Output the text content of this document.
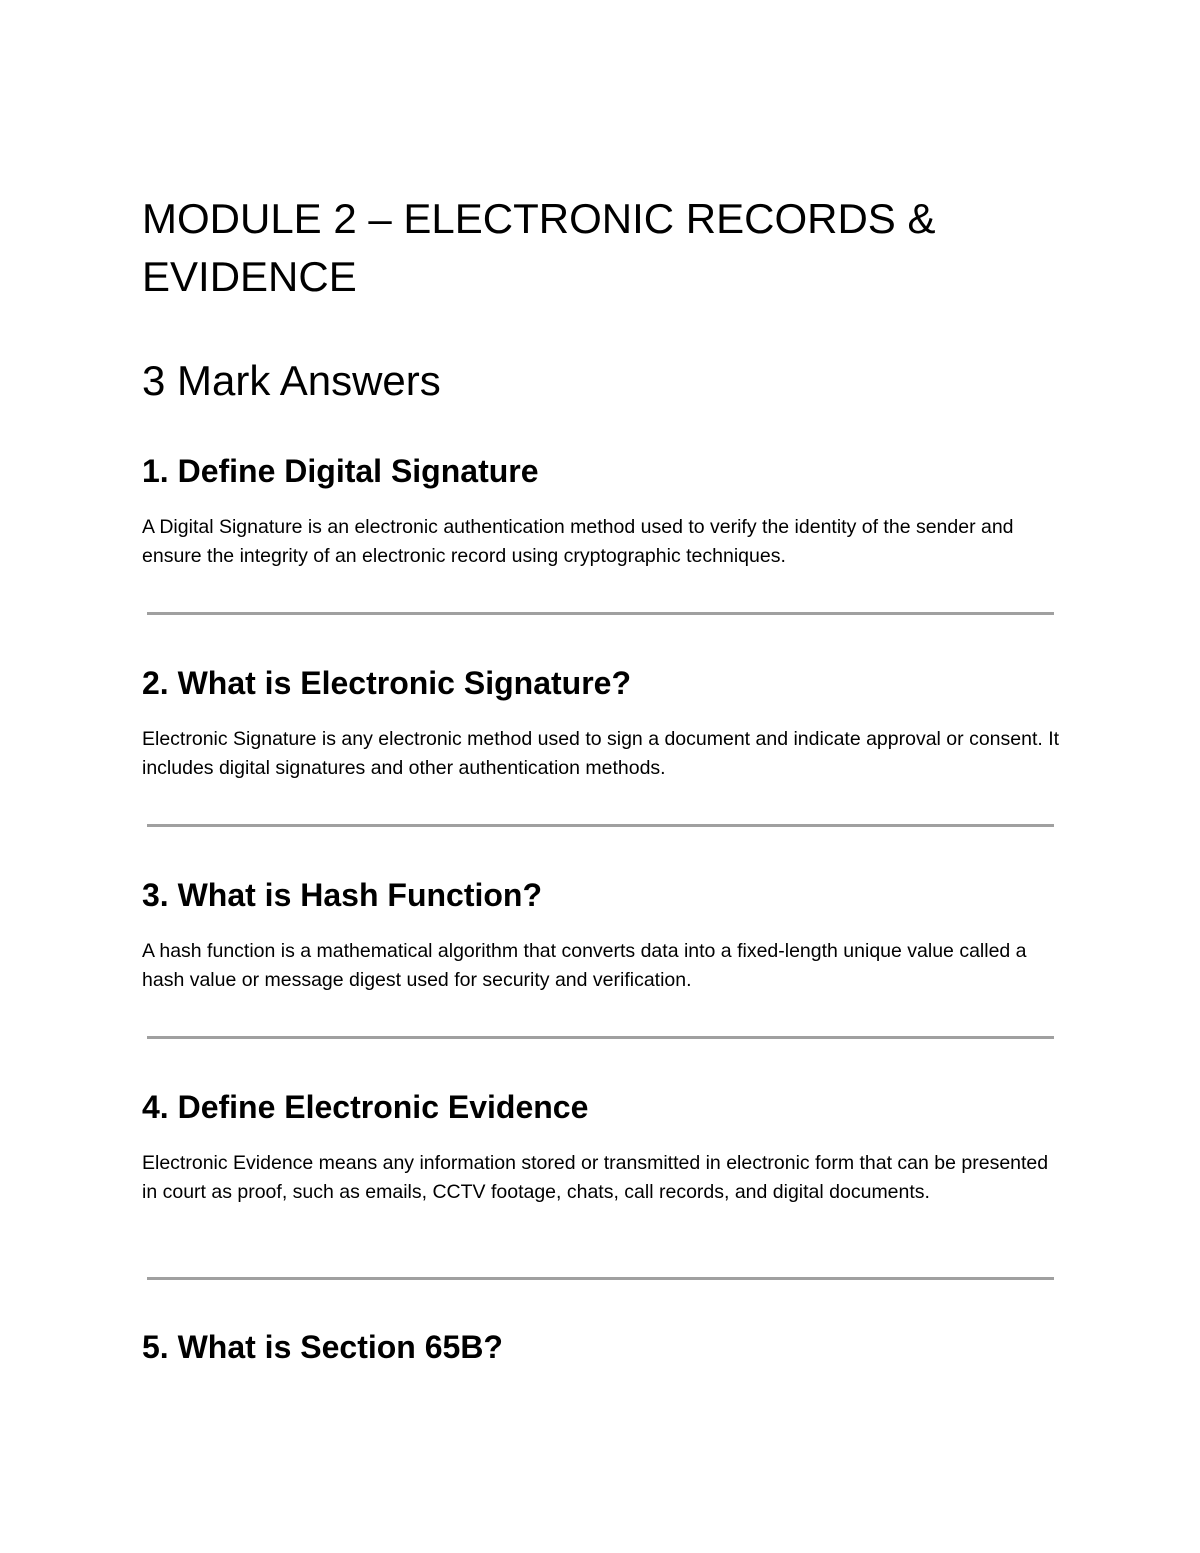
MODULE 2 – ELECTRONIC RECORDS & EVIDENCE
3 Mark Answers
1. Define Digital Signature

A Digital Signature is an electronic authentication method used to verify the identity of the sender and ensure the integrity of an electronic record using cryptographic techniques.

2. What is Electronic Signature?

Electronic Signature is any electronic method used to sign a document and indicate approval or consent. It includes digital signatures and other authentication methods.

3. What is Hash Function?

A hash function is a mathematical algorithm that converts data into a fixed-length unique value called a hash value or message digest used for security and verification.

4. Define Electronic Evidence

Electronic Evidence means any information stored or transmitted in electronic form that can be presented in court as proof, such as emails, CCTV footage, chats, call records, and digital documents.

5. What is Section 65B?
